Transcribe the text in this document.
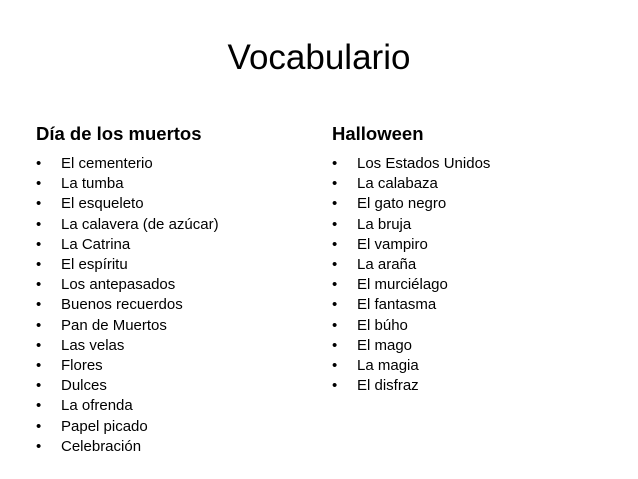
Vocabulario
Día de los muertos
•	El cementerio
•	La tumba
•	El esqueleto
•	La calavera (de azúcar)
•	La Catrina
•	El espíritu
•	Los antepasados
•	Buenos recuerdos
•	Pan de Muertos
•	Las velas
•	Flores
•	Dulces
•	La ofrenda
•	Papel picado
•	Celebración
Halloween
•	Los Estados Unidos
•	La calabaza
•	El gato negro
•	La bruja
•	El vampiro
•	La araña
•	El murciélago
•	El fantasma
•	El búho
•	El mago
•	La magia
•	El disfraz
